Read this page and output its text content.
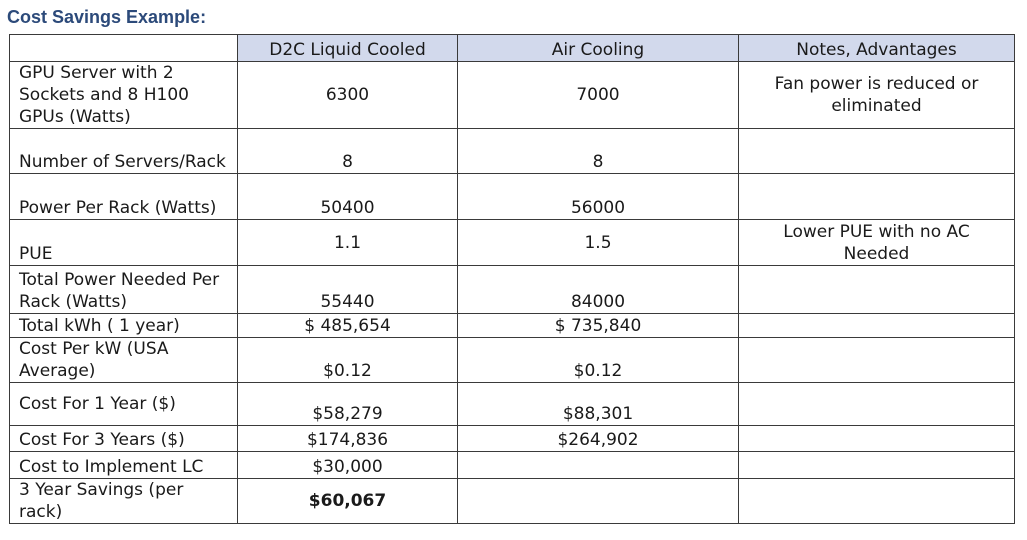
Cost Savings Example:
	D2C Liquid Cooled	Air Cooling	Notes, Advantages
GPU Server with 2 Sockets and 8 H100 GPUs (Watts)	6300	7000	Fan power is reduced or eliminated
Number of Servers/Rack	8	8	
Power Per Rack (Watts)	50400	56000	
PUE	1.1	1.5	Lower PUE with no AC Needed
Total Power Needed Per Rack (Watts)	55440	84000	
Total kWh ( 1 year)	$ 485,654	$ 735,840	
Cost Per kW (USA Average)	$0.12	$0.12	
Cost For 1 Year ($)	$58,279	$88,301	
Cost For 3 Years ($)	$174,836	$264,902	
Cost to Implement LC	$30,000		
3 Year Savings (per rack)	$60,067		
